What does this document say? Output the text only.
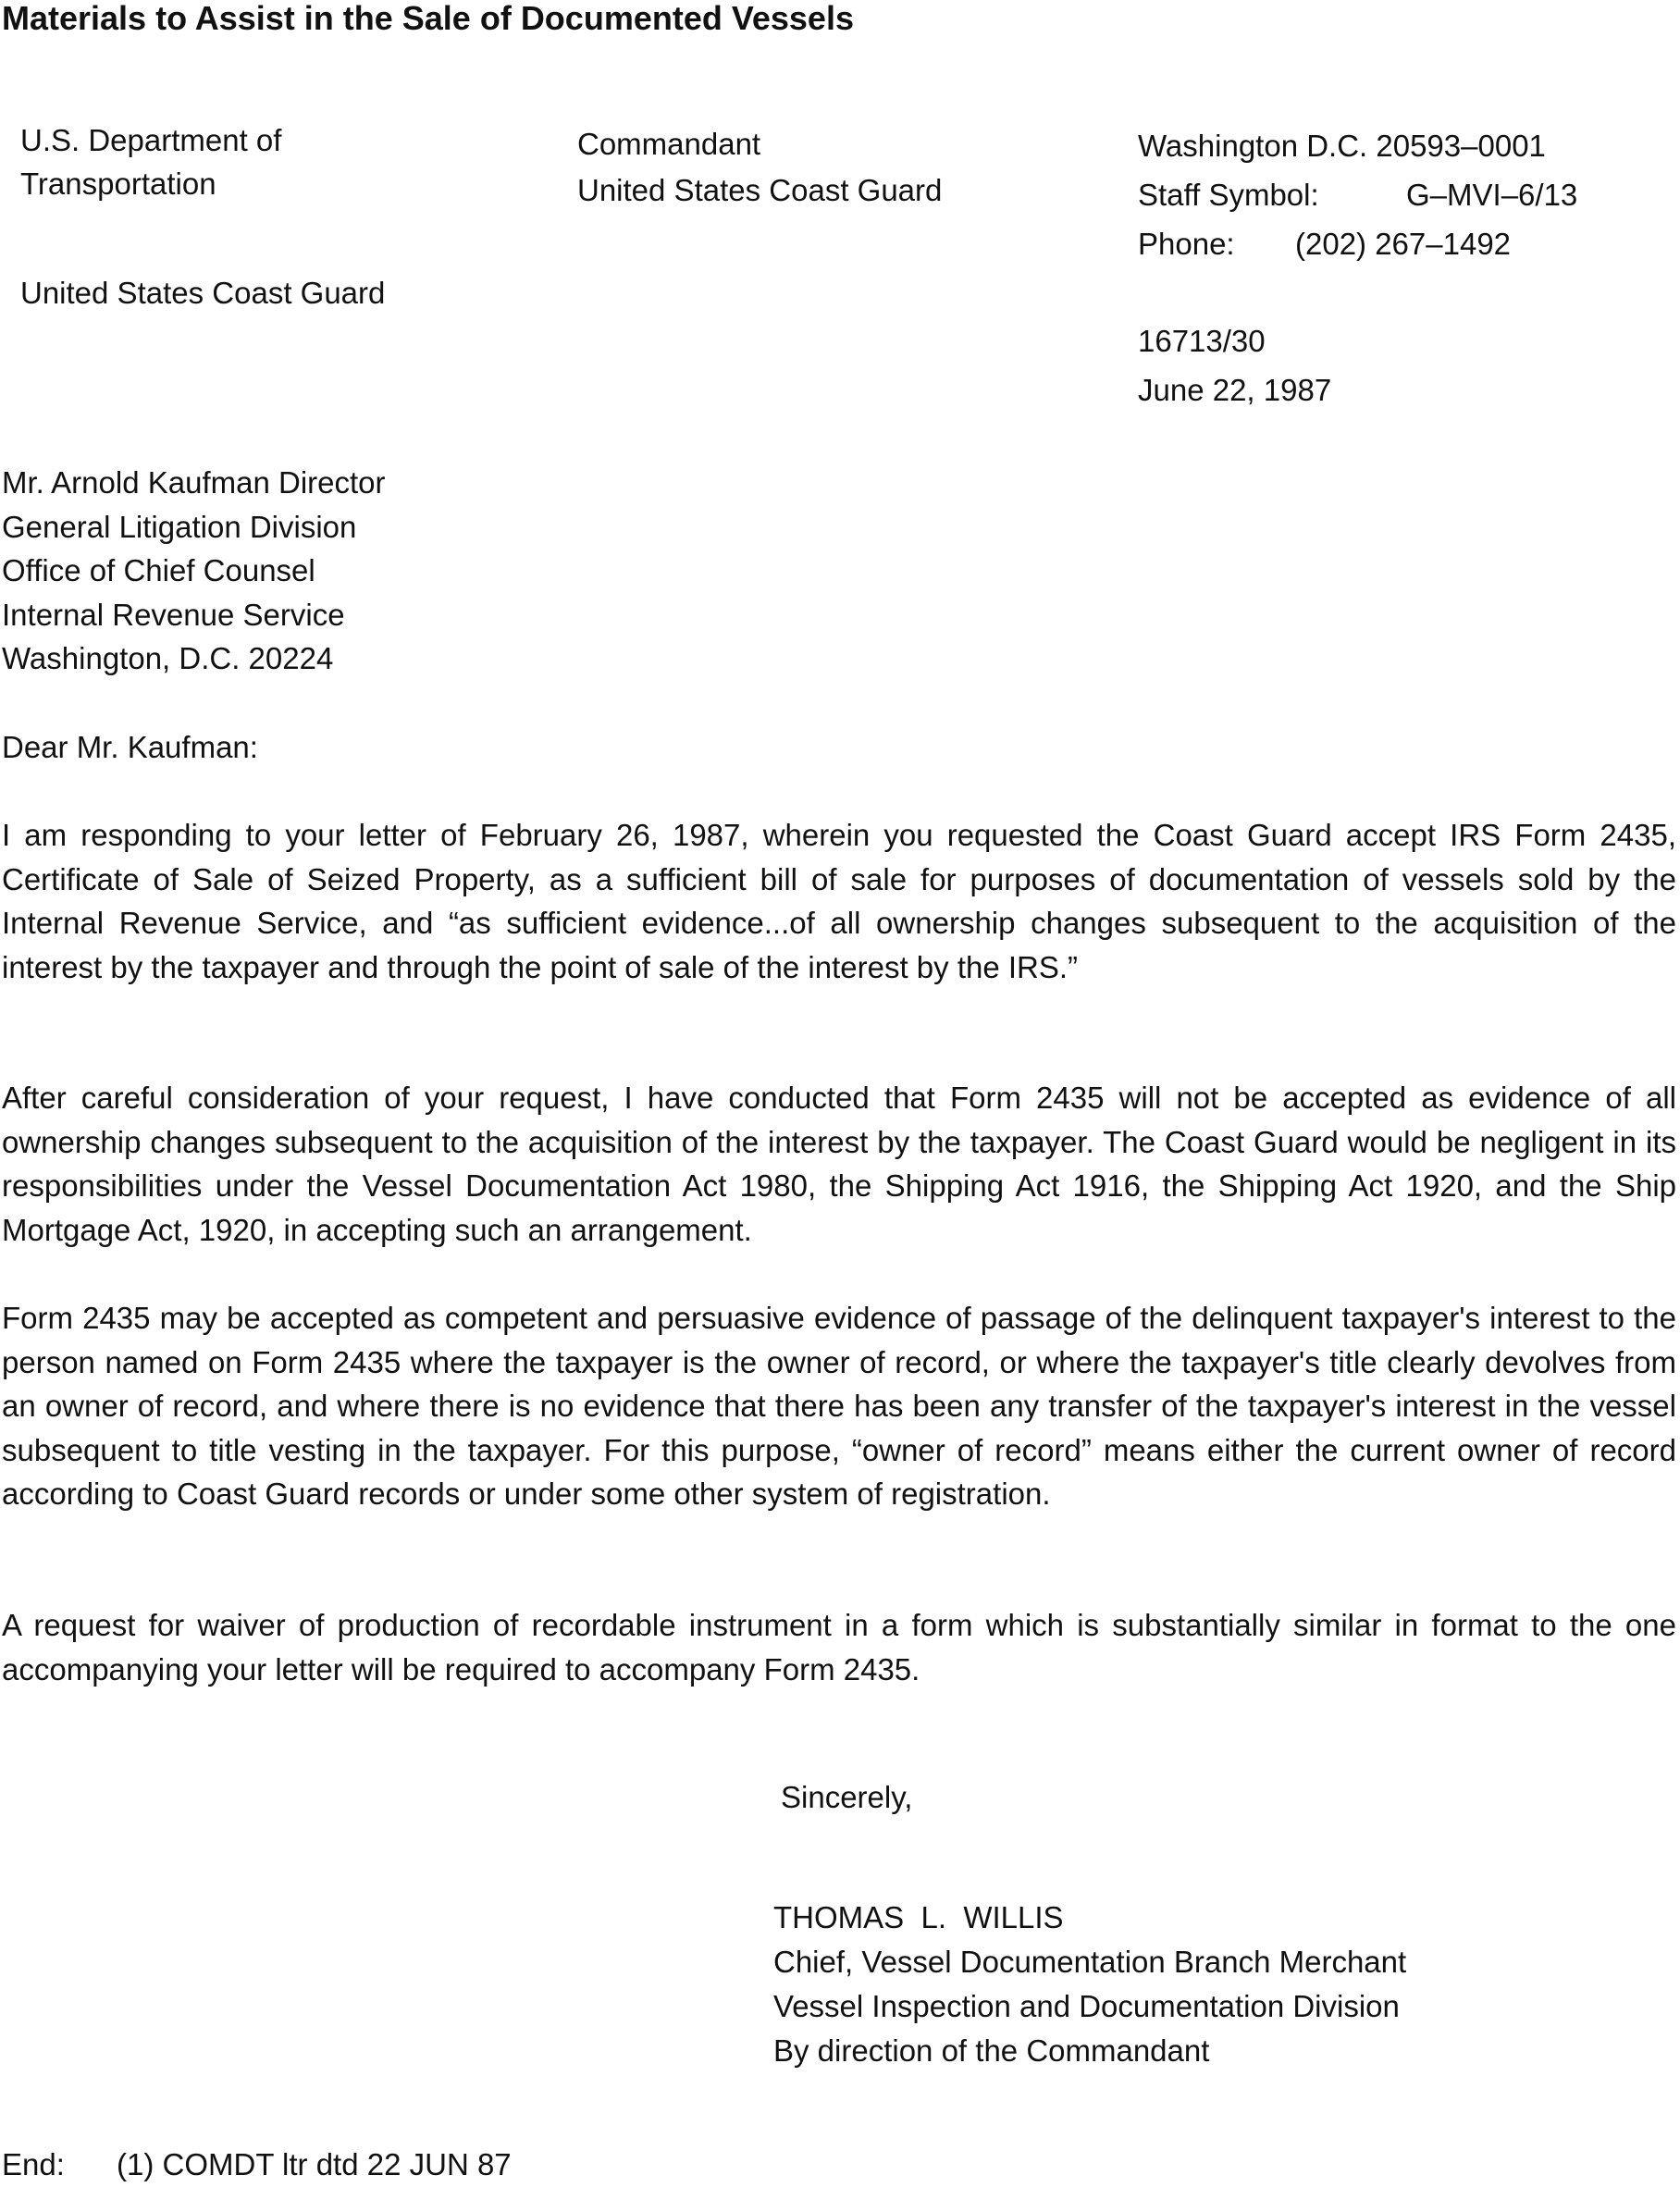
Materials to Assist in the Sale of Documented Vessels
U.S. Department of
Transportation
United States Coast Guard
Commandant
United States Coast Guard
Washington D.C. 20593–0001
Staff Symbol:	G–MVI–6/13
Phone: (202) 267–1492
16713/30
June 22, 1987
Mr. Arnold Kaufman Director
General Litigation Division
Office of Chief Counsel
Internal Revenue Service
Washington, D.C. 20224
Dear Mr. Kaufman:

I am responding to your letter of February 26, 1987, wherein you requested the Coast Guard accept IRS Form 2435, Certificate of Sale of Seized Property, as a sufficient bill of sale for purposes of documentation of vessels sold by the Internal Revenue Service, and “as sufficient evidence...of all ownership changes subsequent to the acquisition of the interest by the taxpayer and through the point of sale of the interest by the IRS.”

After careful consideration of your request, I have conducted that Form 2435 will not be accepted as evidence of all ownership changes subsequent to the acquisition of the interest by the taxpayer. The Coast Guard would be negligent in its responsibilities under the Vessel Documentation Act 1980, the Shipping Act 1916, the Shipping Act 1920, and the Ship Mortgage Act, 1920, in accepting such an arrangement.

Form 2435 may be accepted as competent and persuasive evidence of passage of the delinquent taxpayer's interest to the person named on Form 2435 where the taxpayer is the owner of record, or where the taxpayer's title clearly devolves from an owner of record, and where there is no evidence that there has been any transfer of the taxpayer's interest in the vessel subsequent to title vesting in the taxpayer. For this purpose, “owner of record” means either the current owner of record according to Coast Guard records or under some other system of registration.

A request for waiver of production of recordable instrument in a form which is substantially similar in format to the one accompanying your letter will be required to accompany Form 2435.

Sincerely,
THOMAS  L.  WILLIS
Chief, Vessel Documentation Branch Merchant
Vessel Inspection and Documentation Division
By direction of the Commandant
End: (1) COMDT ltr dtd 22 JUN 87
